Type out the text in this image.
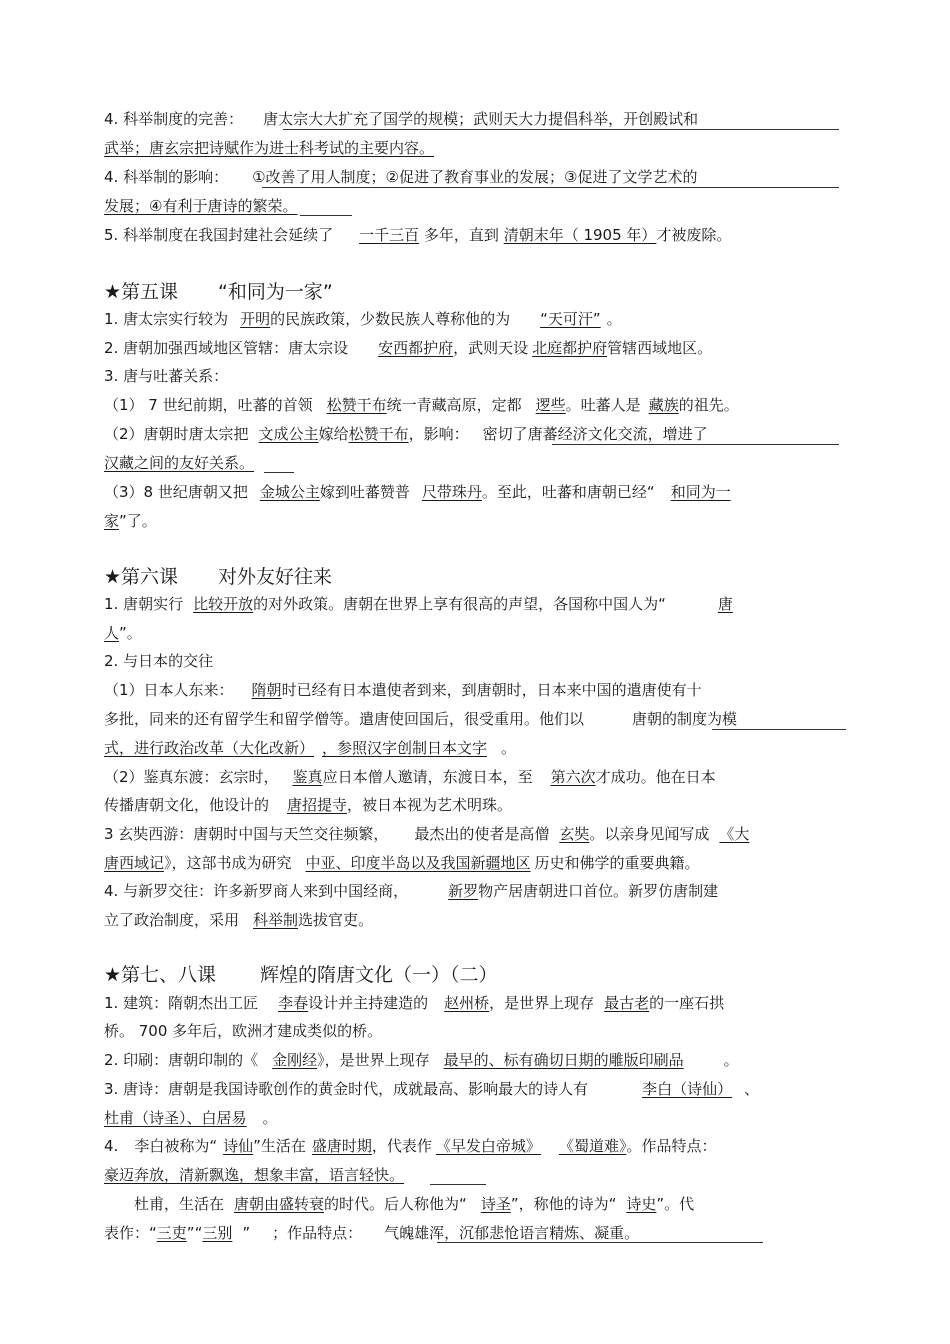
4. 科举制度的完善： 唐太宗大大扩充了国学的规模；武则天大力提倡科举，开创殿试和
武举；唐玄宗把诗赋作为进士科考试的主要内容。
4. 科举制的影响： ①改善了用人制度；②促进了教育事业的发展；③促进了文学艺术的
发展；④有利于唐诗的繁荣。
5. 科举制度在我国封建社会延续了 一千三百 多年，直到 清朝末年（ 1905 年）才被废除。
★第五课 “和同为一家”
1. 唐太宗实行较为 开明的民族政策，少数民族人尊称他的为 “天可汗” 。
2. 唐朝加强西域地区管辖：唐太宗设 安西都护府，武则天设 北庭都护府管辖西域地区。
3. 唐与吐蕃关系：
（1） 7 世纪前期，吐蕃的首领 松赞干布统一青藏高原，定都 逻些。吐蕃人是 藏族的祖先。
（2）唐朝时唐太宗把 文成公主嫁给松赞干布，影响： 密切了唐蕃经济文化交流，增进了
汉藏之间的友好关系。
（3）8 世纪唐朝又把 金城公主嫁到吐蕃赞普 尺带珠丹。至此，吐蕃和唐朝已经“ 和同为一
家”了。
★第六课 对外友好往来
1. 唐朝实行 比较开放的对外政策。唐朝在世界上享有很高的声望，各国称中国人为“	唐
人”。
2. 与日本的交往
（1）日本人东来： 隋朝时已经有日本遣使者到来，到唐朝时，日本来中国的遣唐使有十
多批，同来的还有留学生和留学僧等。遣唐使回国后，很受重用。他们以	唐朝的制度为模
式，进行政治改革（大化改新） ，参照汉字创制日本文字 。
（2）鉴真东渡：玄宗时， 鉴真应日本僧人邀请，东渡日本，至 第六次才成功。他在日本
传播唐朝文化，他设计的 唐招提寺，被日本视为艺术明珠。
3 玄奘西游：唐朝时中国与天竺交往频繁， 最杰出的使者是高僧 玄奘。以亲身见闻写成 《大
唐西域记》，这部书成为研究 中亚、印度半岛以及我国新疆地区 历史和佛学的重要典籍。
4. 与新罗交往：许多新罗商人来到中国经商，	新罗物产居唐朝进口首位。新罗仿唐制建
立了政治制度，采用 科举制选拔官吏。
★第七、八课 辉煌的隋唐文化（一）（二）
1. 建筑：隋朝杰出工匠 李春设计并主持建造的 赵州桥，是世界上现存 最古老的一座石拱
桥。 700 多年后，欧洲才建成类似的桥。
2. 印刷：唐朝印制的《 金刚经》，是世界上现存 最早的、标有确切日期的雕版印刷品	。
3. 唐诗：唐朝是我国诗歌创作的黄金时代，成就最高、影响最大的诗人有	李白（诗仙） 、
杜甫（诗圣）、白居易 。
4. 李白被称为“ 诗仙”生活在 盛唐时期，代表作 《早发白帝城》 《蜀道难》。作品特点：
豪迈奔放，清新飘逸，想象丰富，语言轻快。
杜甫，生活在 唐朝由盛转衰的时代。后人称他为“ 诗圣”，称他的诗为“ 诗史”。代
表作：“三吏”“三别 ” ；作品特点： 气魄雄浑，沉郁悲怆语言精炼、凝重。
